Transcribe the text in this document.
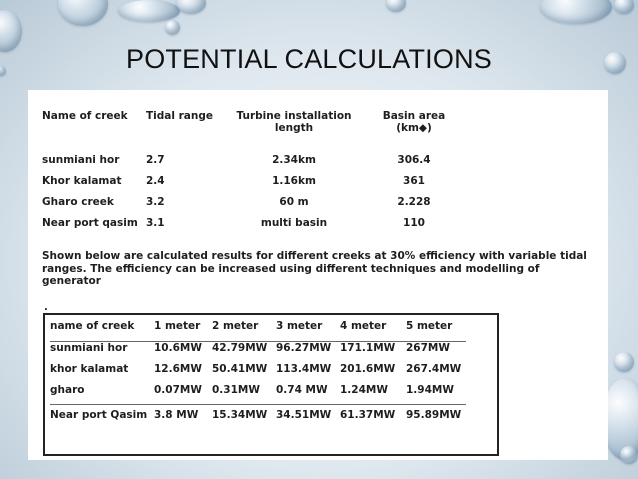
POTENTIAL CALCULATIONS
Name of creek	Tidal range	Turbine installation length	Basin area (km◆)
sunmiani hor	2.7	2.34km	306.4
Khor kalamat	2.4	1.16km	361
Gharo creek	3.2	60 m	2.228
Near port qasim	3.1	multi basin	110

Shown below are calculated results for different creeks at 30% efficiency with variable tidal ranges. The efficiency can be increased using different techniques and modelling of generator

.
name of creek	1 meter	2 meter	3 meter	4 meter	5 meter
sunmiani hor	10.6MW	42.79MW	96.27MW	171.1MW	267MW
khor kalamat	12.6MW	50.41MW	113.4MW	201.6MW	267.4MW
gharo	0.07MW	0.31MW	0.74 MW	1.24MW	1.94MW
Near port Qasim	3.8 MW	15.34MW	34.51MW	61.37MW	95.89MW
